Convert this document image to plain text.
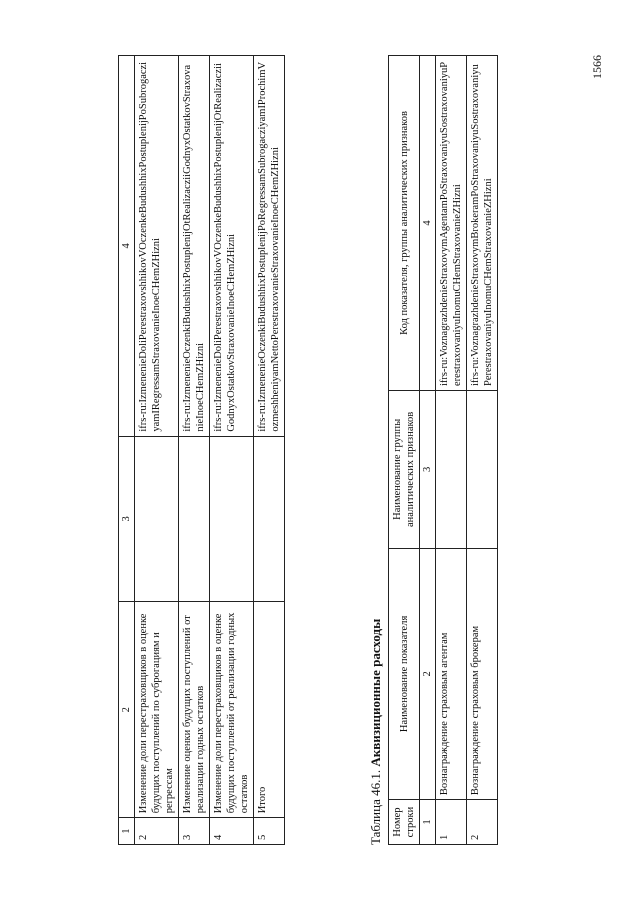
1566
1	2	3	4
2	Изменение доли перестраховщиков в оценке будущих поступлений по суброгациям и регрессам		ifrs-ru:IzmenenieDoliPerestraxovshhikovVOczenkeBudushhixPostuplenijPoSubrogacziyamIRegressamStraxovanieInoeCHemZHizni
3	Изменение оценки будущих поступлений от реализации годных остатков		ifrs-ru:IzmenenieOczenkiBudushhixPostuplenijOtRealizacziiGodnyxOstatkovStraxovanieInoeCHemZHizni
4	Изменение доли перестраховщиков в оценке будущих поступлений от реализации годных остатков		ifrs-ru:IzmenenieDoliPerestraxovshhikovVOczenkeBudushhixPostuplenijOtRealizacziiGodnyxOstatkovStraxovanieInoeCHemZHizni
5	Итого		ifrs-ru:IzmenenieOczenkiBudushhixPostuplenijPoRegressamSubrogacziyamIProchimVozmeshheniyamNettoPerestraxovanieStraxovanieInoeCHemZHizni
Таблица 46.1. Аквизиционные расходы
Номер строки	Наименование показателя	Наименование группы аналитических признаков	Код показателя, группы аналитических признаков
1	2	3	4
1	Вознаграждение страховым агентам		ifrs-ru:VoznagrazhdenieStraxovymAgentamPoStraxovaniyuSostraxovaniyuPerestraxovaniyuInomuCHemStraxovanieZHizni
2	Вознаграждение страховым брокерам		ifrs-ru:VoznagrazhdenieStraxovymBrokeramPoStraxovaniyuSostraxovaniyuPerestraxovaniyuInomuCHemStraxovanieZHizni
